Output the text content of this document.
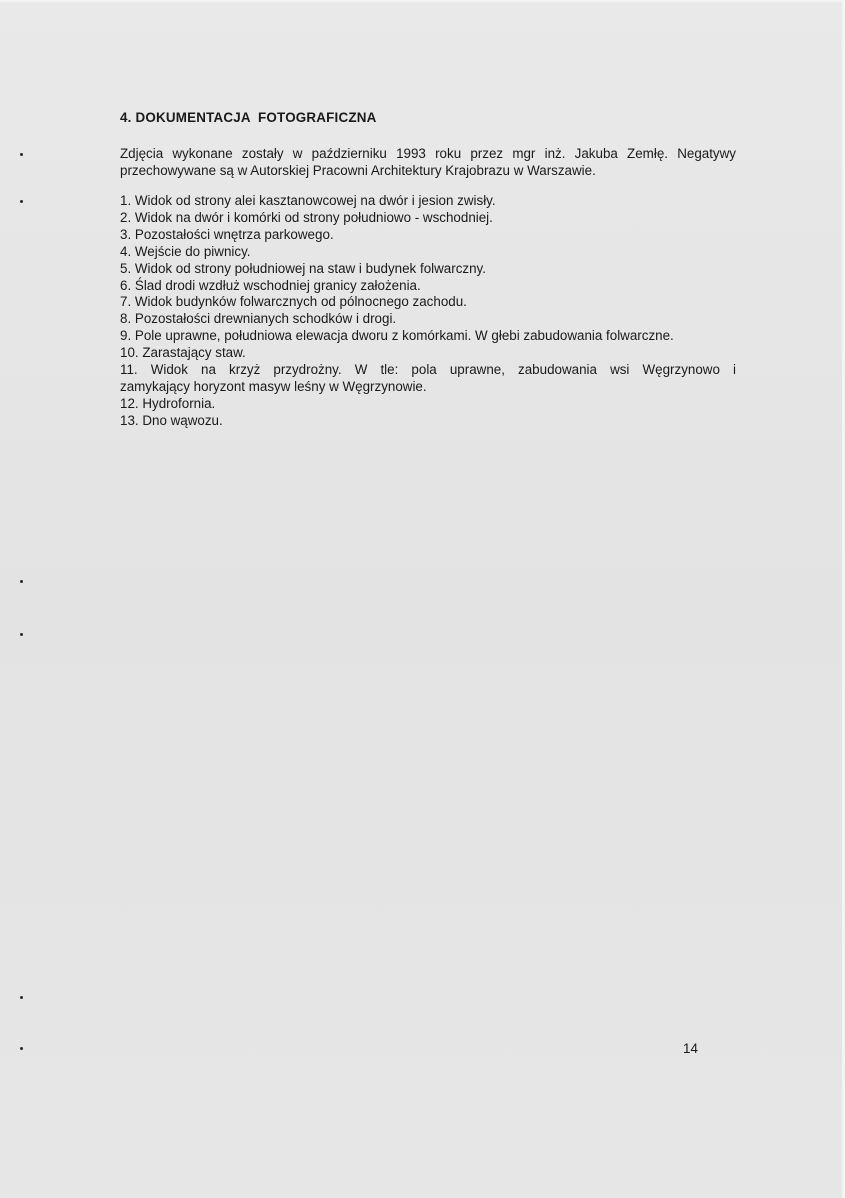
4. DOKUMENTACJA  FOTOGRAFICZNA
Zdjęcia wykonane zostały w październiku 1993 roku przez mgr inż. Jakuba Zemłę. Negatywy
przechowywane są w Autorskiej Pracowni Architektury Krajobrazu w Warszawie.
1. Widok od strony alei kasztanowcowej na dwór i jesion zwisły.
2. Widok na dwór i komórki od strony południowo - wschodniej.
3. Pozostałości wnętrza parkowego.
4. Wejście do piwnicy.
5. Widok od strony południowej na staw i budynek folwarczny.
6. Ślad drodi wzdłuż wschodniej granicy założenia.
7. Widok budynków folwarcznych od pólnocnego zachodu.
8. Pozostałości drewnianych schodków i drogi.
9. Pole uprawne, południowa elewacja dworu z komórkami. W głebi zabudowania folwarczne.
10. Zarastający staw.
11. Widok na krzyż przydrożny. W tle: pola uprawne, zabudowania wsi Węgrzynowo i
zamykający horyzont masyw leśny w Węgrzynowie.
12. Hydrofornia.
13. Dno wąwozu.
14
